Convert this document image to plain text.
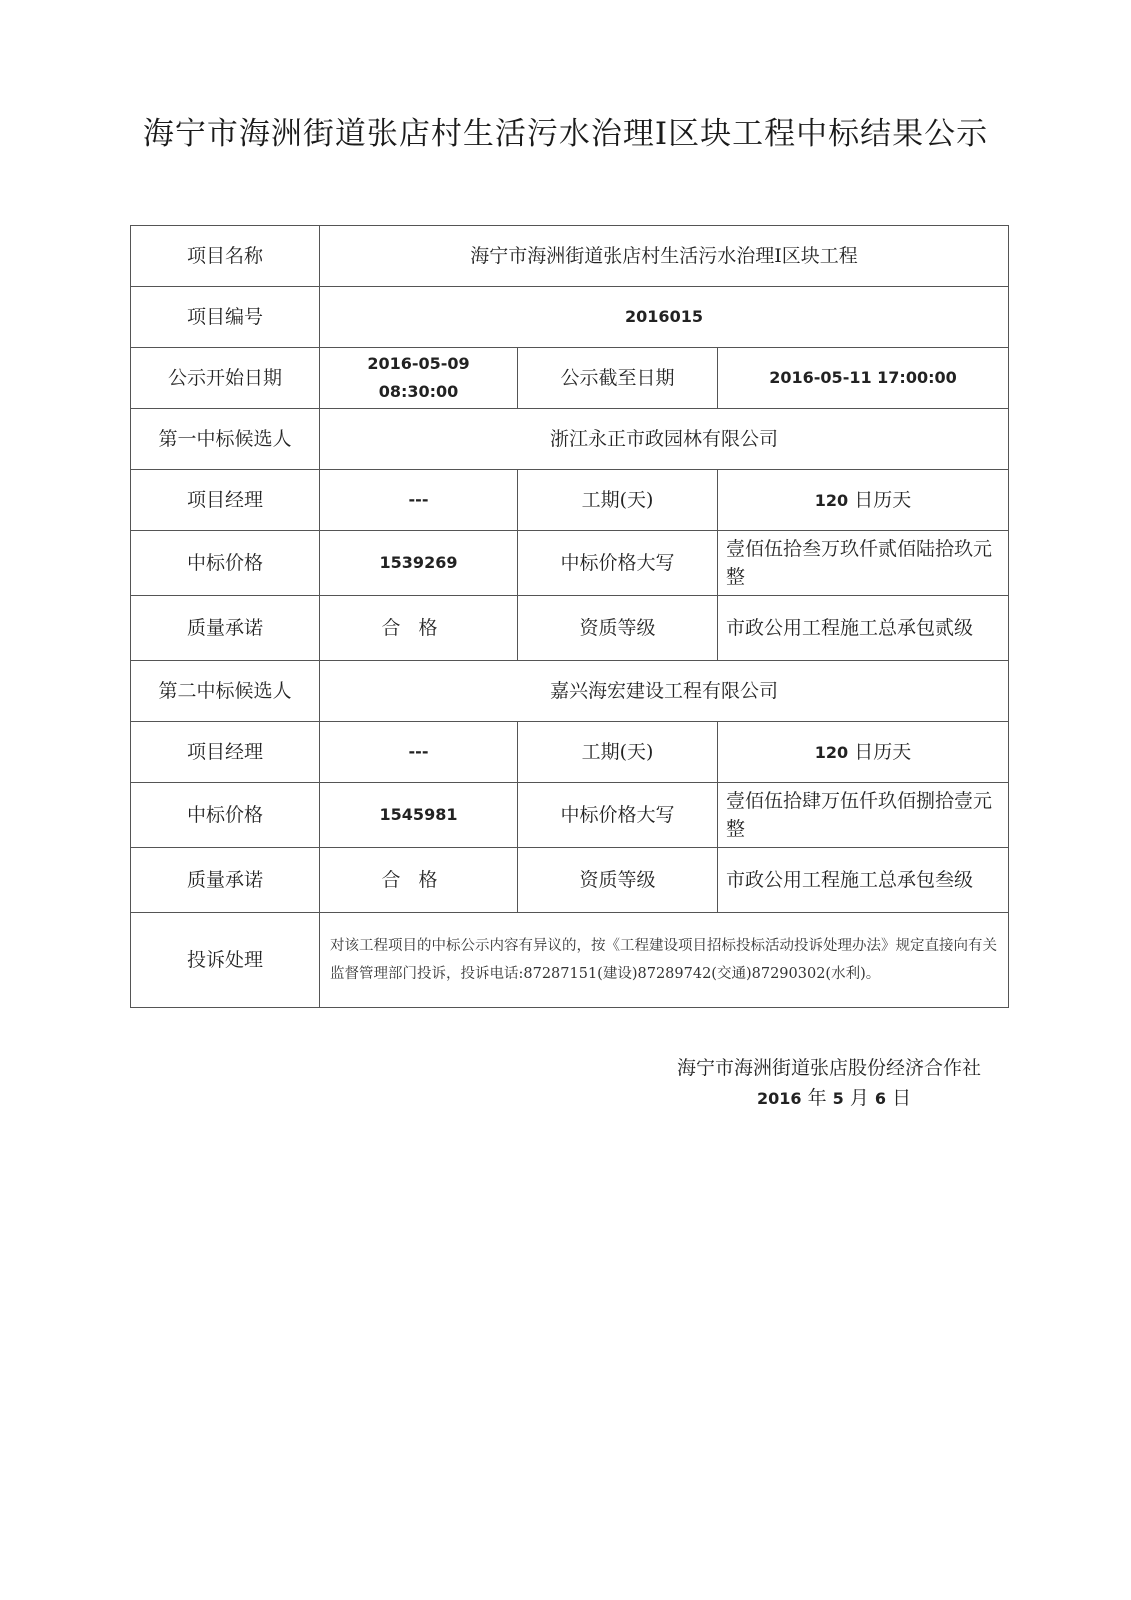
海宁市海洲街道张店村生活污水治理Ⅰ区块工程中标结果公示
项目名称	海宁市海洲街道张店村生活污水治理Ⅰ区块工程		
项目编号	2016015		
公示开始日期	2016-05-09 08:30:00	公示截至日期	2016-05-11 17:00:00
第一中标候选人	浙江永正市政园林有限公司		
项目经理	---	工期(天)	120 日历天
中标价格	1539269	中标价格大写	壹佰伍拾叁万玖仟贰佰陆拾玖元整
质量承诺	合格	资质等级	市政公用工程施工总承包贰级
第二中标候选人	嘉兴海宏建设工程有限公司		
项目经理	---	工期(天)	120 日历天
中标价格	1545981	中标价格大写	壹佰伍拾肆万伍仟玖佰捌拾壹元整
质量承诺	合格	资质等级	市政公用工程施工总承包叁级
投诉处理	对该工程项目的中标公示内容有异议的，按《工程建设项目招标投标活动投诉处理办法》规定直接向有关监督管理部门投诉，投诉电话:87287151(建设)87289742(交通)87290302(水利)。		
海宁市海洲街道张店股份经济合作社
2016 年 5 月 6 日
